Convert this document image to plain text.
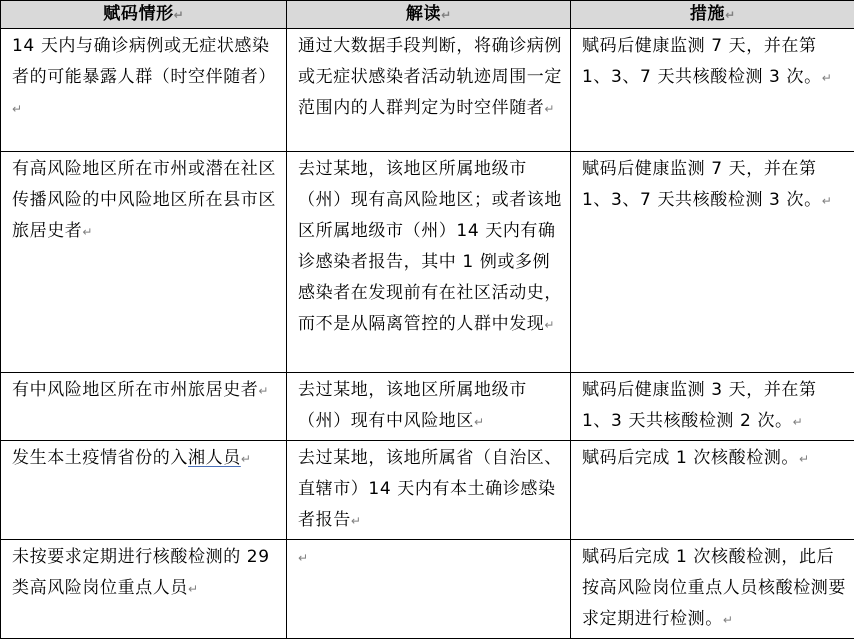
赋码情形↵	解读↵	措施↵
14 天内与确诊病例或无症状感染者的可能暴露人群（时空伴随者）↵	通过大数据手段判断，将确诊病例或无症状感染者活动轨迹周围一定范围内的人群判定为时空伴随者↵	赋码后健康监测 7 天，并在第 1、3、7 天共核酸检测 3 次。↵
有高风险地区所在市州或潜在社区传播风险的中风险地区所在县市区旅居史者↵	去过某地，该地区所属地级市（州）现有高风险地区；或者该地区所属地级市（州）14 天内有确诊感染者报告，其中 1 例或多例感染者在发现前有在社区活动史，而不是从隔离管控的人群中发现↵	赋码后健康监测 7 天，并在第 1、3、7 天共核酸检测 3 次。↵
有中风险地区所在市州旅居史者↵	去过某地，该地区所属地级市（州）现有中风险地区↵	赋码后健康监测 3 天，并在第 1、3 天共核酸检测 2 次。↵
发生本土疫情省份的入湘人员↵	去过某地，该地所属省（自治区、直辖市）14 天内有本土确诊感染者报告↵	赋码后完成 1 次核酸检测。↵
未按要求定期进行核酸检测的 29 类高风险岗位重点人员↵	↵	赋码后完成 1 次核酸检测，此后按高风险岗位重点人员核酸检测要求定期进行检测。↵
